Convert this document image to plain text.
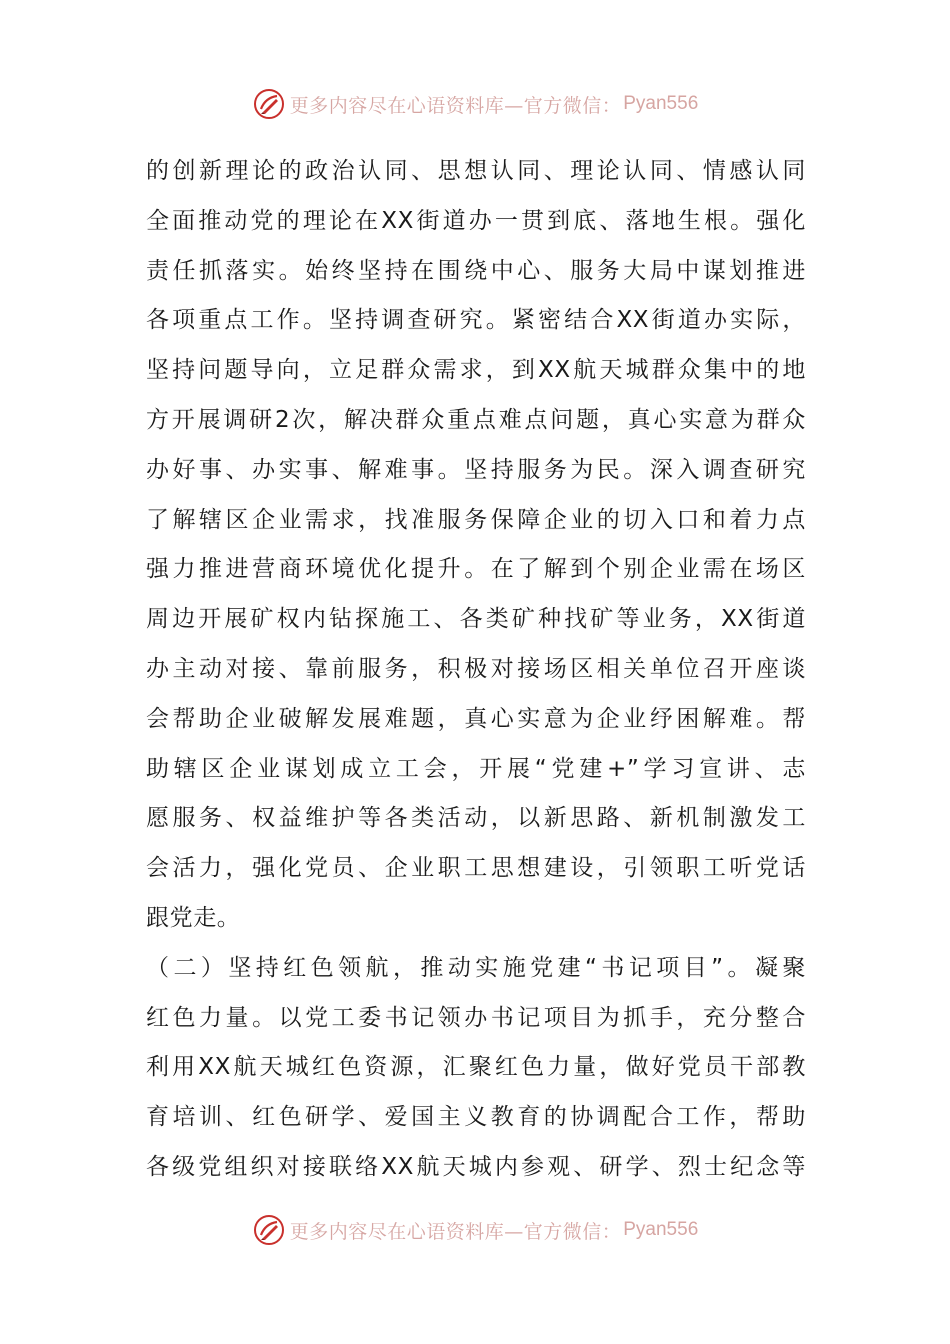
更多内容尽在心语资料库—官方微信： Pyan556
的创新理论的政治认同、思想认同、理论认同、情感认同
全面推动党的理论在XX街道办一贯到底、落地生根。强化
责任抓落实。始终坚持在围绕中心、服务大局中谋划推进
各项重点工作。坚持调查研究。紧密结合XX街道办实际，
坚持问题导向，立足群众需求，到XX航天城群众集中的地
方开展调研2次，解决群众重点难点问题，真心实意为群众
办好事、办实事、解难事。坚持服务为民。深入调查研究
了解辖区企业需求，找准服务保障企业的切入口和着力点
强力推进营商环境优化提升。在了解到个别企业需在场区
周边开展矿权内钻探施工、各类矿种找矿等业务，XX街道
办主动对接、靠前服务，积极对接场区相关单位召开座谈
会帮助企业破解发展难题，真心实意为企业纾困解难。帮
助辖区企业谋划成立工会，开展“党建+”学习宣讲、志
愿服务、权益维护等各类活动，以新思路、新机制激发工
会活力，强化党员、企业职工思想建设，引领职工听党话
跟党走。
（二）坚持红色领航，推动实施党建“书记项目”。凝聚
红色力量。以党工委书记领办书记项目为抓手，充分整合
利用XX航天城红色资源，汇聚红色力量，做好党员干部教
育培训、红色研学、爱国主义教育的协调配合工作，帮助
各级党组织对接联络XX航天城内参观、研学、烈士纪念等
更多内容尽在心语资料库—官方微信： Pyan556
